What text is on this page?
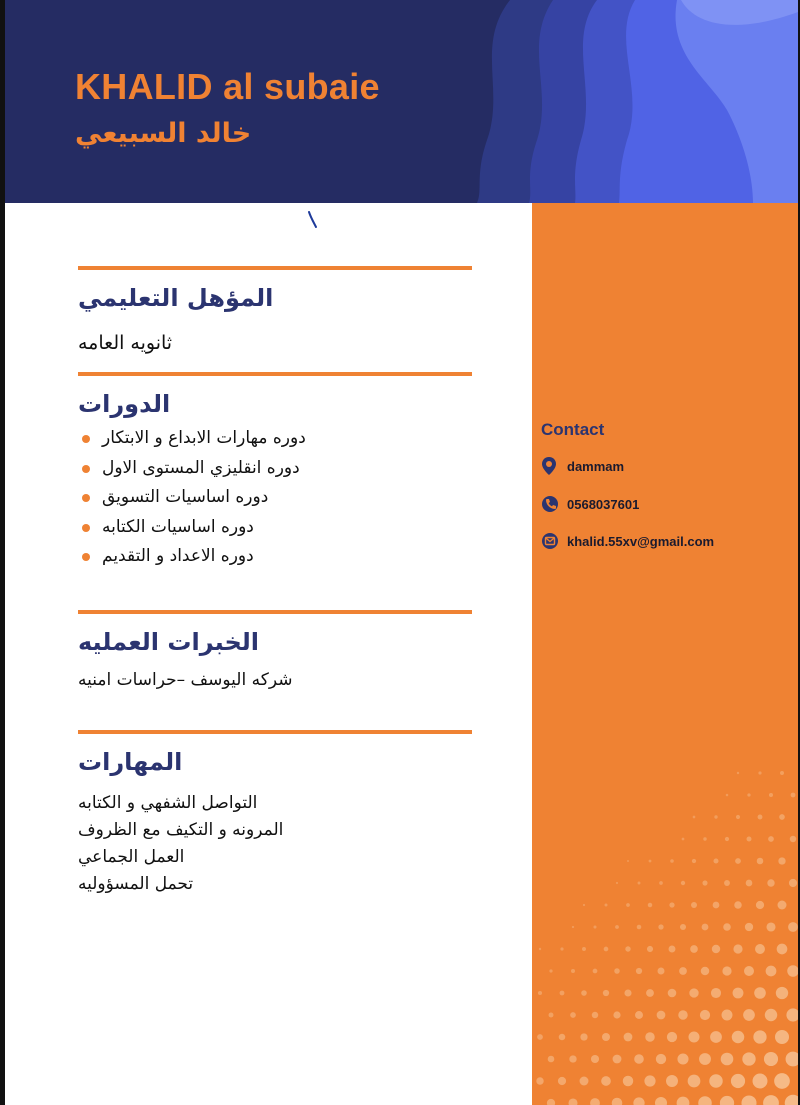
KHALID al subaie
خالد السبيعي
المؤهل التعليمي

ثانويه العامه

الدورات
دوره مهارات الابداع و الابتكار
دوره انقليزي المستوى الاول
دوره اساسيات التسويق
دوره اساسيات الكتابه
دوره الاعداد و التقديم
الخبرات العمليه

شركه اليوسف –حراسات امنيه

المهارات

التواصل الشفهي و الكتابه

المرونه و التكيف مع الظروف

العمل الجماعي

تحمل المسؤوليه

Contact
dammam
0568037601
khalid.55xv@gmail.com
